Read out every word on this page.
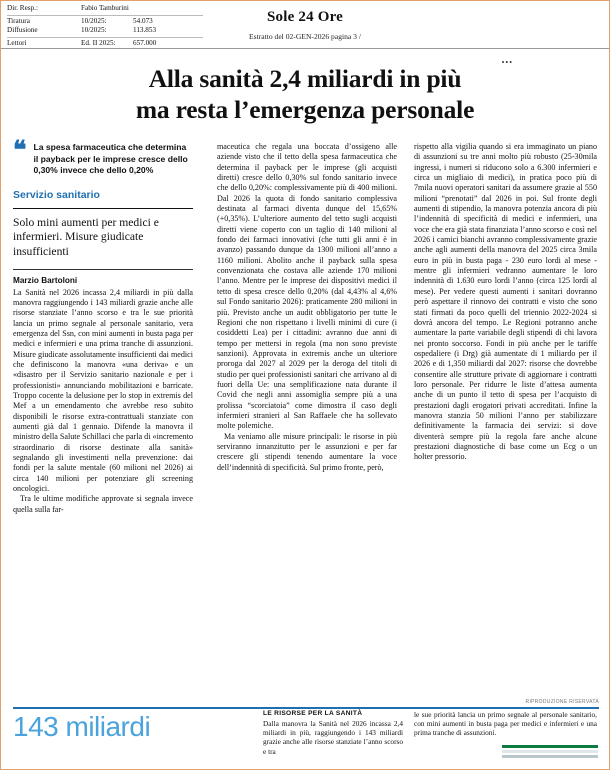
Dir. Resp.:	Fabio Tamburini
Tiratura	10/2025:	54.073
Diffusione	10/2025:	113.853
Lettori	Ed. II 2025:	657.000
Sole 24 Ore
Estratto del 02-GEN-2026 pagina 3 /
•••
Alla sanità 2,4 miliardi in più
ma resta l’emergenza personale
❝ La spesa farmaceutica che determina il payback per le imprese cresce dello 0,30% invece che dello 0,20%
Servizio sanitario
Solo mini aumenti per medici e infermieri. Misure giudicate insufficienti
Marzio Bartoloni

La Sanità nel 2026 incassa 2,4 miliardi in più dalla manovra raggiungendo i 143 miliardi grazie anche alle risorse stanziate l’anno scorso e tra le sue priorità lancia un primo segnale al personale sanitario, vera emergenza del Ssn, con mini aumenti in busta paga per medici e infermieri e una prima tranche di assunzioni. Misure giudicate assolutamente insufficienti dai medici che definiscono la manovra «una deriva» e un «disastro per il Servizio sanitario nazionale e per i professionisti» annunciando mobilitazioni e barricate. Troppo cocente la delusione per lo stop in extremis del Mef a un emendamento che avrebbe reso subito disponibili le risorse extra-contrattuali stanziate con aumenti già dal 1 gennaio. Difende la manovra il ministro della Salute Schillaci che parla di «incremento straordinario di risorse destinate alla sanità» segnalando gli investimenti nella prevenzione: dai fondi per la salute mentale (60 milioni nel 2026) ai circa 140 milioni per potenziare gli screening oncologici.

Tra le ultime modifiche approvate si segnala invece quella sulla far-

maceutica che regala una boccata d’ossigeno alle aziende visto che il tetto della spesa farmaceutica che determina il payback per le imprese (gli acquisti diretti) cresce dello 0,30% sul fondo sanitario invece che dello 0,20%: complessivamente più di 400 milioni. Dal 2026 la quota di fondo sanitario complessiva destinata al farmaci diventa dunque del 15,65% (+0,35%). L’ulteriore aumento del tetto sugli acquisti diretti viene coperto con un taglio di 140 milioni al fondo dei farmaci innovativi (che tutti gli anni è in avanzo) passando dunque da 1300 milioni all’anno a 1160 milioni. Abolito anche il payback sulla spesa convenzionata che costava alle aziende 170 milioni l’anno. Mentre per le imprese dei dispositivi medici il tetto di spesa cresce dello 0,20% (dal 4,43% al 4,6% sul Fondo sanitario 2026): praticamente 280 milioni in più. Previsto anche un audit obbligatorio per tutte le Regioni che non rispettano i livelli minimi di cure (i cosiddetti Lea) per i cittadini: avranno due anni di tempo per mettersi in regola (ma non sono previste sanzioni). Approvata in extremis anche un ulteriore proroga dal 2027 al 2029 per la deroga del titoli di studio per quei professionisti sanitari che arrivano al di fuori della Ue: una semplificazione nata durante il Covid che negli anni assomiglia sempre più a una prolissa “scorciatoia” come dimostra il caso degli infermieri stranieri al San Raffaele che ha sollevato molte polemiche.

Ma veniamo alle misure principali: le risorse in più serviranno innanzitutto per le assunzioni e per far crescere gli stipendi tenendo aumentare la voce dell’indennità di specificità. Sul primo fronte, però,

rispetto alla vigilia quando si era immaginato un piano di assunzioni su tre anni molto più robusto (25-30mila ingressi, i numeri si riducono solo a 6.300 infermieri e circa un migliaio di medici), in pratica poco più di 7mila nuovi operatori sanitari da assumere grazie al 550 milioni “prenotati” dal 2026 in poi. Sul fronte degli aumenti di stipendio, la manovra potenzia ancora di più l’indennità di specificità di medici e infermieri, una voce che era già stata finanziata l’anno scorso e così nel 2026 i camici bianchi avranno complessivamente grazie anche agli aumenti della manovra del 2025 circa 3mila euro in più in busta paga - 230 euro lordi al mese - mentre gli infermieri vedranno aumentare le loro indennità di 1.630 euro lordi l’anno (circa 125 lordi al mese). Per vedere questi aumenti i sanitari dovranno però aspettare il rinnovo dei contratti e visto che sono stati firmati da poco quelli del triennio 2022-2024 si dovrà ancora del tempo. Le Regioni potranno anche aumentare la parte variabile degli stipendi di chi lavora nei pronto soccorso. Fondi in più anche per le tariffe ospedaliere (i Drg) già aumentate di 1 miliardo per il 2026 e di 1,350 miliardi dal 2027: risorse che dovrebbe consentire alle strutture private di aggiornare i contratti loro personale. Per ridurre le liste d’attesa aumenta anche di un punto il tetto di spesa per l’acquisto di prestazioni dagli erogatori privati accreditati. Infine la manovra stanzia 50 milioni l’anno per stabilizzare definitivamente la farmacia dei servizi: si dove diventerà sempre più la regola fare anche alcune prestazioni diagnostiche di base come un Ecg o un holter pressorio.

RIPRODUZIONE RISERVATA
143 miliardi	LE RISORSE PER LA SANITÀ
Dalla manovra la Sanità nel 2026 incassa 2,4 miliardi in più, raggiungendo i 143 miliardi grazie anche alle risorse stanziate l’anno scorso e tra
le sue priorità lancia un primo segnale al personale sanitario, con mini aumenti in busta paga per medici e infermieri e una prima tranche di assunzioni.
